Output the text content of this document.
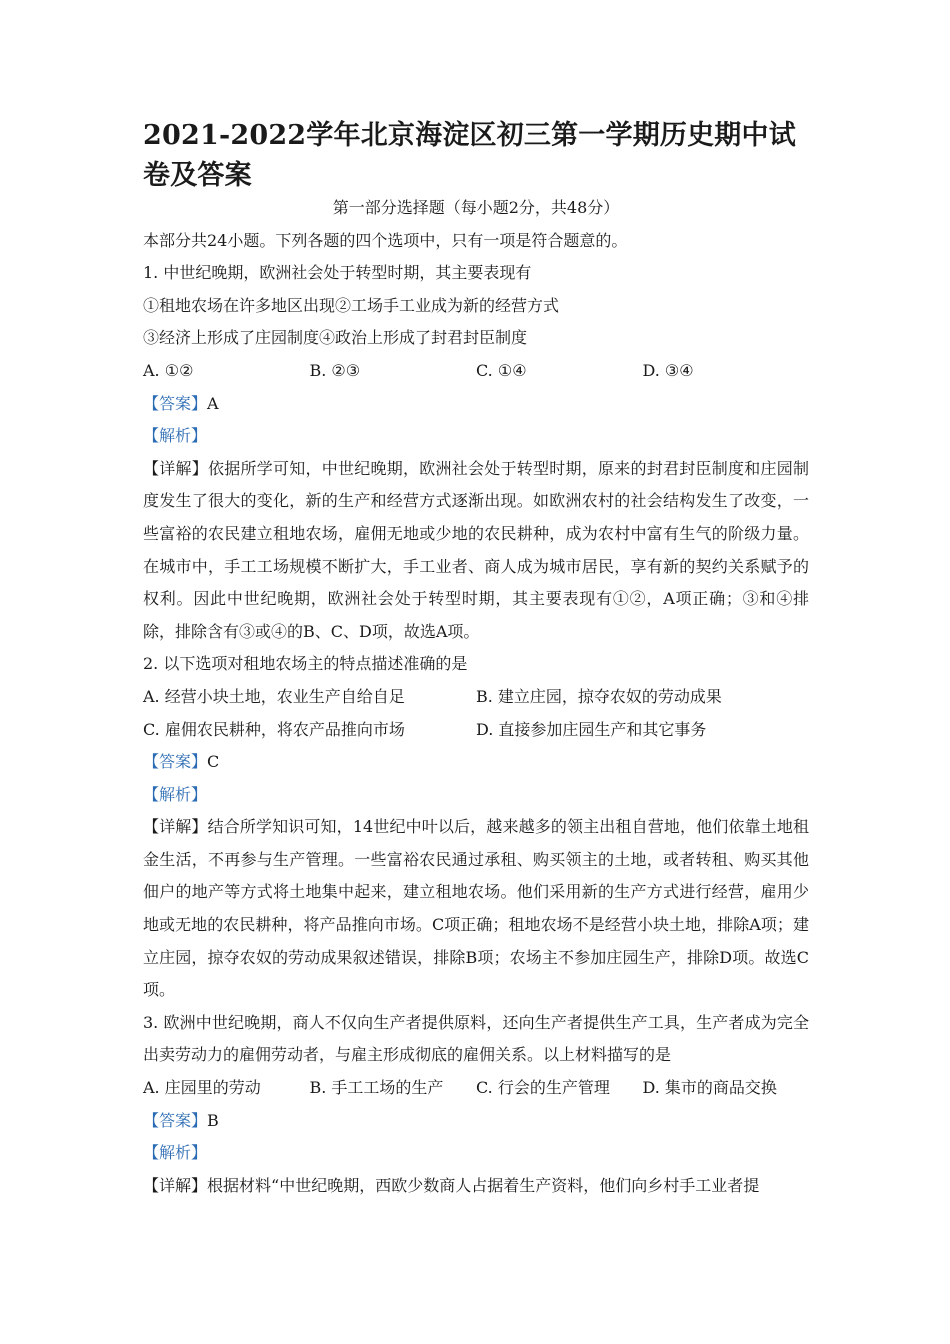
2021-2022学年北京海淀区初三第一学期历史期中试卷及答案
第一部分选择题（每小题2分，共48分）
本部分共24小题。下列各题的四个选项中，只有一项是符合题意的。
1. 中世纪晚期，欧洲社会处于转型时期，其主要表现有
①租地农场在许多地区出现②工场手工业成为新的经营方式
③经济上形成了庄园制度④政治上形成了封君封臣制度
A. ①②	B. ②③	C. ①④	D. ③④
【答案】A
【解析】
【详解】依据所学可知，中世纪晚期，欧洲社会处于转型时期，原来的封君封臣制度和庄园制度发生了很大的变化，新的生产和经营方式逐渐出现。如欧洲农村的社会结构发生了改变，一些富裕的农民建立租地农场，雇佣无地或少地的农民耕种，成为农村中富有生气的阶级力量。在城市中，手工工场规模不断扩大，手工业者、商人成为城市居民，享有新的契约关系赋予的权利。因此中世纪晚期，欧洲社会处于转型时期，其主要表现有①②，A项正确；③和④排除，排除含有③或④的B、C、D项，故选A项。
2. 以下选项对租地农场主的特点描述准确的是
A. 经营小块土地，农业生产自给自足	B. 建立庄园，掠夺农奴的劳动成果
C. 雇佣农民耕种，将农产品推向市场	D. 直接参加庄园生产和其它事务
【答案】C
【解析】
【详解】结合所学知识可知，14世纪中叶以后，越来越多的领主出租自营地，他们依靠土地租金生活，不再参与生产管理。一些富裕农民通过承租、购买领主的土地，或者转租、购买其他佃户的地产等方式将土地集中起来，建立租地农场。他们采用新的生产方式进行经营，雇用少地或无地的农民耕种，将产品推向市场。C项正确；租地农场不是经营小块土地，排除A项；建立庄园，掠夺农奴的劳动成果叙述错误，排除B项；农场主不参加庄园生产，排除D项。故选C项。
3. 欧洲中世纪晚期，商人不仅向生产者提供原料，还向生产者提供生产工具，生产者成为完全出卖劳动力的雇佣劳动者，与雇主形成彻底的雇佣关系。以上材料描写的是
A. 庄园里的劳动	B. 手工工场的生产	C. 行会的生产管理	D. 集市的商品交换
【答案】B
【解析】
【详解】根据材料“中世纪晚期，西欧少数商人占据着生产资料，他们向乡村手工业者提
